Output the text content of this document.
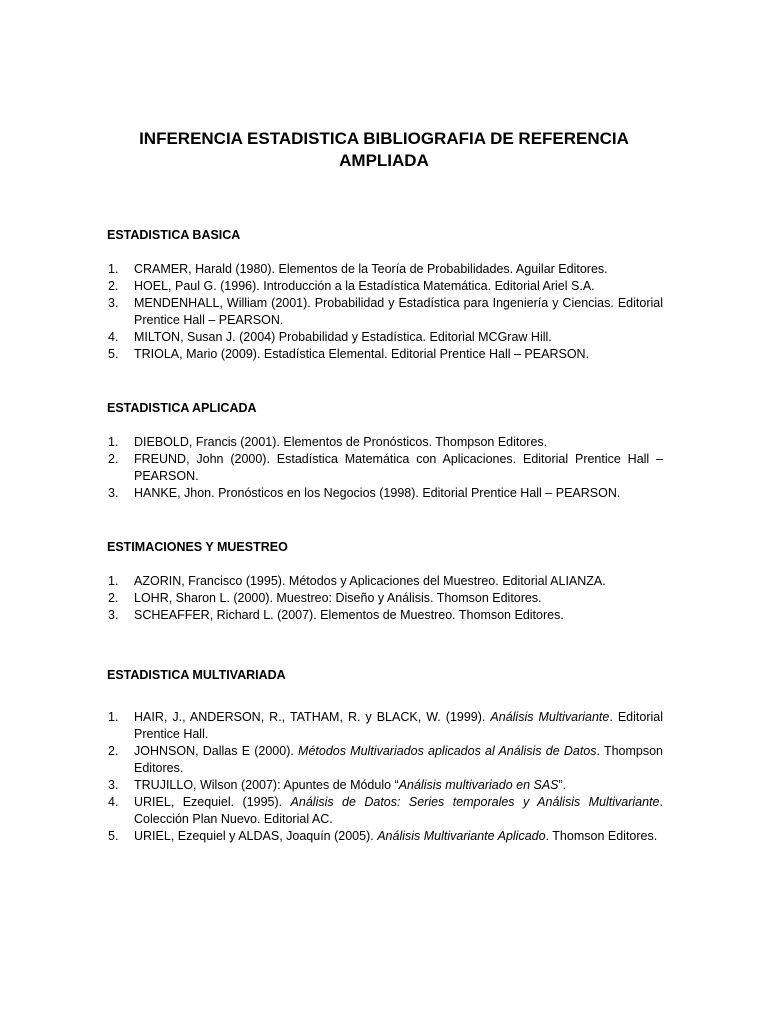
INFERENCIA ESTADISTICA BIBLIOGRAFIA DE REFERENCIA AMPLIADA
ESTADISTICA BASICA
1. CRAMER, Harald (1980). Elementos de la Teoría de Probabilidades. Aguilar Editores.
2. HOEL, Paul G. (1996). Introducción a la Estadística Matemática. Editorial Ariel S.A.
3. MENDENHALL, William (2001). Probabilidad y Estadística para Ingeniería y Ciencias. Editorial Prentice Hall – PEARSON.
4. MILTON, Susan J. (2004) Probabilidad y Estadística. Editorial MCGraw Hill.
5. TRIOLA, Mario (2009). Estadística Elemental. Editorial Prentice Hall – PEARSON.
ESTADISTICA APLICADA
1. DIEBOLD, Francis (2001). Elementos de Pronósticos. Thompson Editores.
2. FREUND, John (2000). Estadística Matemática con Aplicaciones. Editorial Prentice Hall – PEARSON.
3. HANKE, Jhon. Pronósticos en los Negocios (1998). Editorial Prentice Hall – PEARSON.
ESTIMACIONES Y MUESTREO
1. AZORIN, Francisco (1995). Métodos y Aplicaciones del Muestreo. Editorial ALIANZA.
2. LOHR, Sharon L. (2000). Muestreo: Diseño y Análisis. Thomson Editores.
3. SCHEAFFER, Richard L. (2007). Elementos de Muestreo. Thomson Editores.
ESTADISTICA MULTIVARIADA
1. HAIR, J., ANDERSON, R., TATHAM, R. y BLACK, W. (1999). Análisis Multivariante. Editorial Prentice Hall.
2. JOHNSON, Dallas E (2000). Métodos Multivariados aplicados al Análisis de Datos. Thompson Editores.
3. TRUJILLO, Wilson (2007): Apuntes de Módulo “Análisis multivariado en SAS”.
4. URIEL, Ezequiel. (1995). Análisis de Datos: Series temporales y Análisis Multivariante. Colección Plan Nuevo. Editorial AC.
5. URIEL, Ezequiel y ALDAS, Joaquín (2005). Análisis Multivariante Aplicado. Thomson Editores.
